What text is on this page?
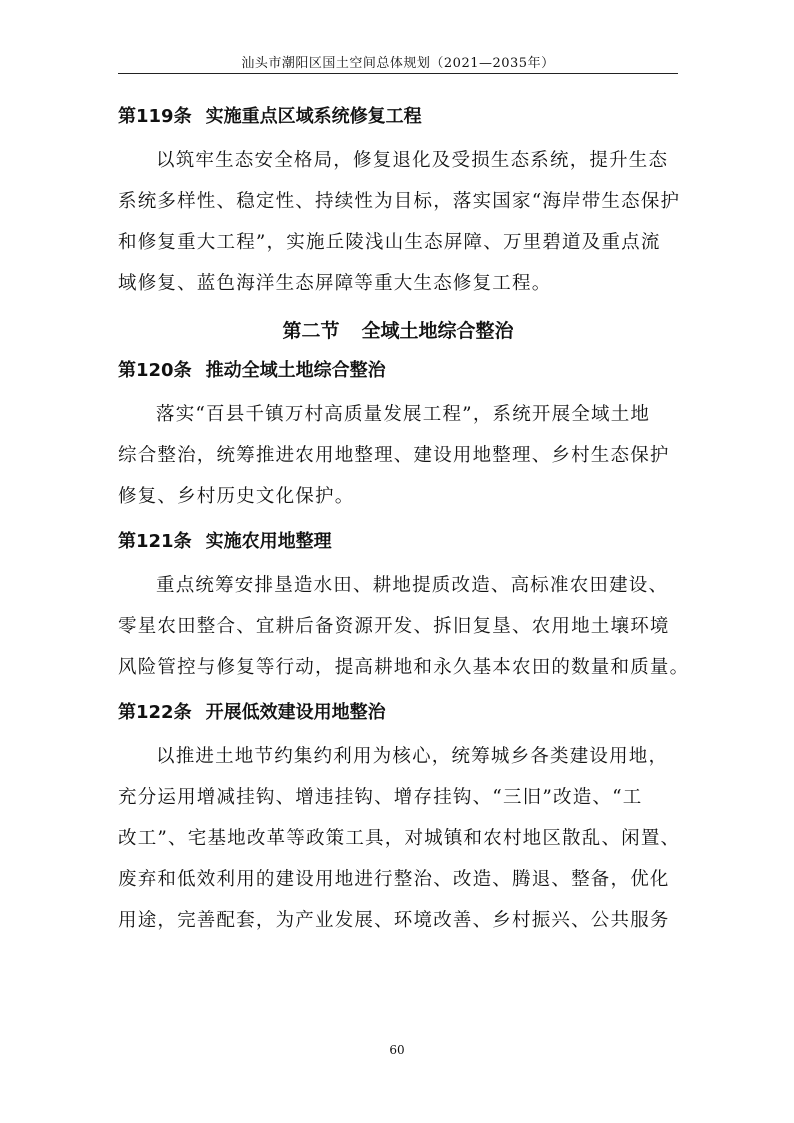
汕头市潮阳区国土空间总体规划（2021—2035年）
第119条 实施重点区域系统修复工程
以筑牢生态安全格局，修复退化及受损生态系统，提升生态
系统多样性、稳定性、持续性为目标，落实国家“海岸带生态保护
和修复重大工程”，实施丘陵浅山生态屏障、万里碧道及重点流
域修复、蓝色海洋生态屏障等重大生态修复工程。
第二节 全域土地综合整治
第120条 推动全域土地综合整治
落实“百县千镇万村高质量发展工程”，系统开展全域土地
综合整治，统筹推进农用地整理、建设用地整理、乡村生态保护
修复、乡村历史文化保护。
第121条 实施农用地整理
重点统筹安排垦造水田、耕地提质改造、高标准农田建设、
零星农田整合、宜耕后备资源开发、拆旧复垦、农用地土壤环境
风险管控与修复等行动，提高耕地和永久基本农田的数量和质量。
第122条 开展低效建设用地整治
以推进土地节约集约利用为核心，统筹城乡各类建设用地，
充分运用增减挂钩、增违挂钩、增存挂钩、“三旧”改造、“工
改工”、宅基地改革等政策工具，对城镇和农村地区散乱、闲置、
废弃和低效利用的建设用地进行整治、改造、腾退、整备，优化
用途，完善配套，为产业发展、环境改善、乡村振兴、公共服务
60
